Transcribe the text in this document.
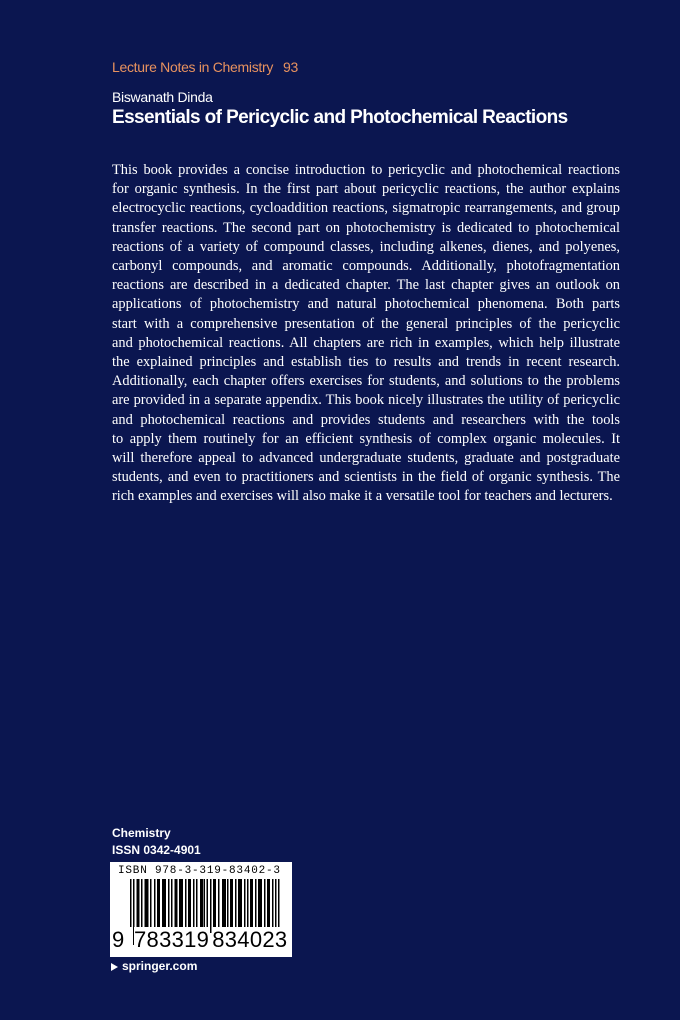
Lecture Notes in Chemistry 93
Biswanath Dinda
Essentials of Pericyclic and Photochemical Reactions
This book provides a concise introduction to pericyclic and photochemical reactions
for organic synthesis. In the first part about pericyclic reactions, the author explains
electrocyclic reactions, cycloaddition reactions, sigmatropic rearrangements, and group
transfer reactions. The second part on photochemistry is dedicated to photochemical
reactions of a variety of compound classes, including alkenes, dienes, and polyenes,
carbonyl compounds, and aromatic compounds. Additionally, photofragmentation
reactions are described in a dedicated chapter. The last chapter gives an outlook on
applications of photochemistry and natural photochemical phenomena. Both parts
start with a comprehensive presentation of the general principles of the pericyclic
and photochemical reactions. All chapters are rich in examples, which help illustrate
the explained principles and establish ties to results and trends in recent research.
Additionally, each chapter offers exercises for students, and solutions to the problems
are provided in a separate appendix. This book nicely illustrates the utility of pericyclic
and photochemical reactions and provides students and researchers with the tools
to apply them routinely for an efficient synthesis of complex organic molecules. It
will therefore appeal to advanced undergraduate students, graduate and postgraduate
students, and even to practitioners and scientists in the field of organic synthesis. The
rich examples and exercises will also make it a versatile tool for teachers and lecturers.
Chemistry
ISSN 0342-4901
ISBN 978-3-319-83402-3
9 783319 834023
springer.com
